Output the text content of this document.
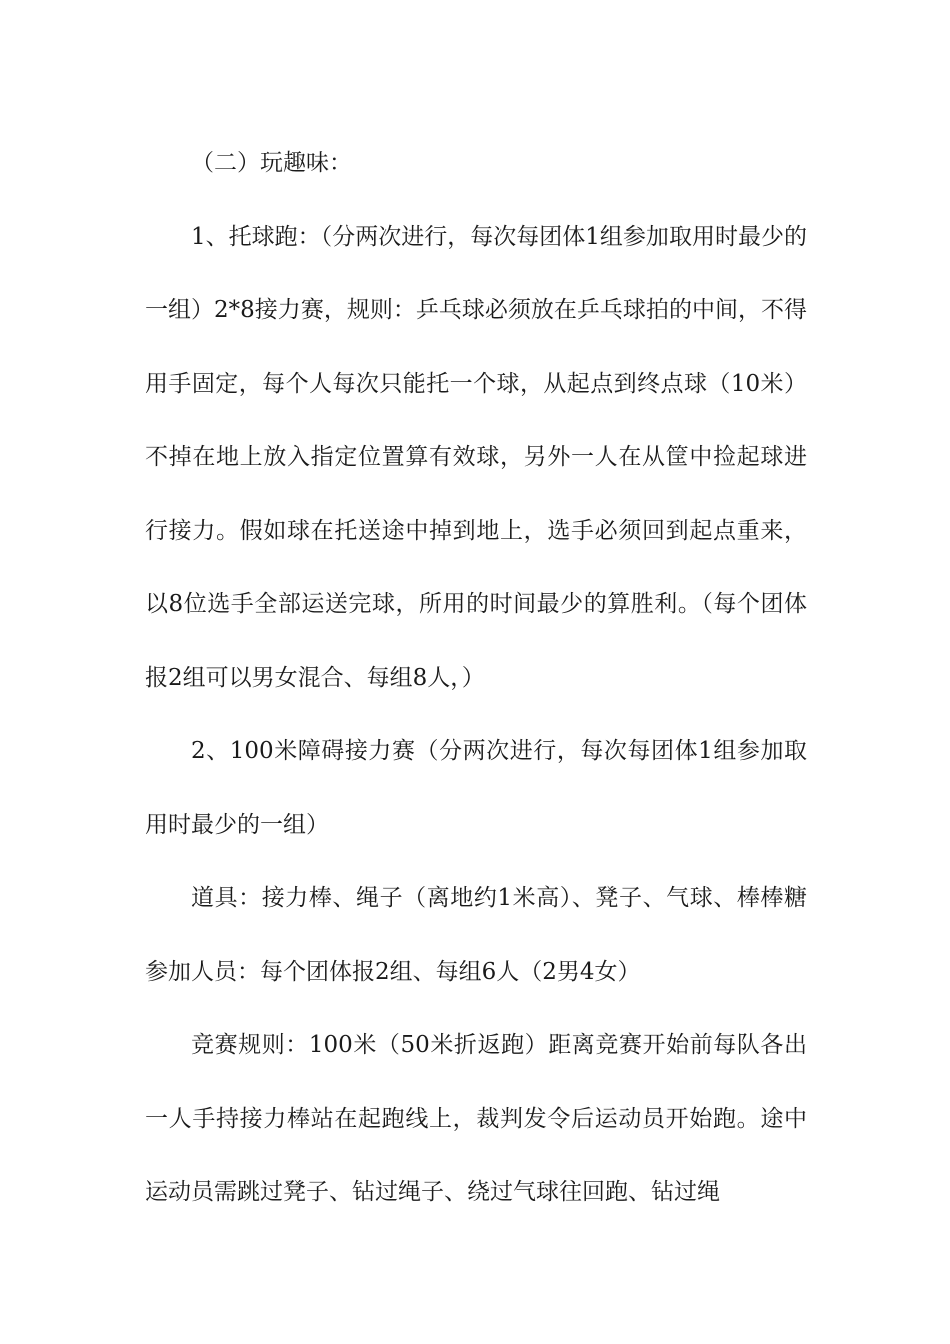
（二）玩趣味：

1、托球跑：（分两次进行，每次每团体1组参加取用时最少的一组）2*8接力赛，规则：乒乓球必须放在乒乓球拍的中间，不得用手固定，每个人每次只能托一个球，从起点到终点球（10米）不掉在地上放入指定位置算有效球，另外一人在从筐中捡起球进行接力。假如球在托送途中掉到地上，选手必须回到起点重来，以8位选手全部运送完球，所用的时间最少的算胜利。（每个团体报2组可以男女混合、每组8人，）

2、100米障碍接力赛（分两次进行，每次每团体1组参加取用时最少的一组）

道具：接力棒、绳子（离地约1米高）、凳子、气球、棒棒糖参加人员：每个团体报2组、每组6人（2男4女）

竞赛规则：100米（50米折返跑）距离竞赛开始前每队各出一人手持接力棒站在起跑线上，裁判发令后运动员开始跑。途中运动员需跳过凳子、钻过绳子、绕过气球往回跑、钻过绳
